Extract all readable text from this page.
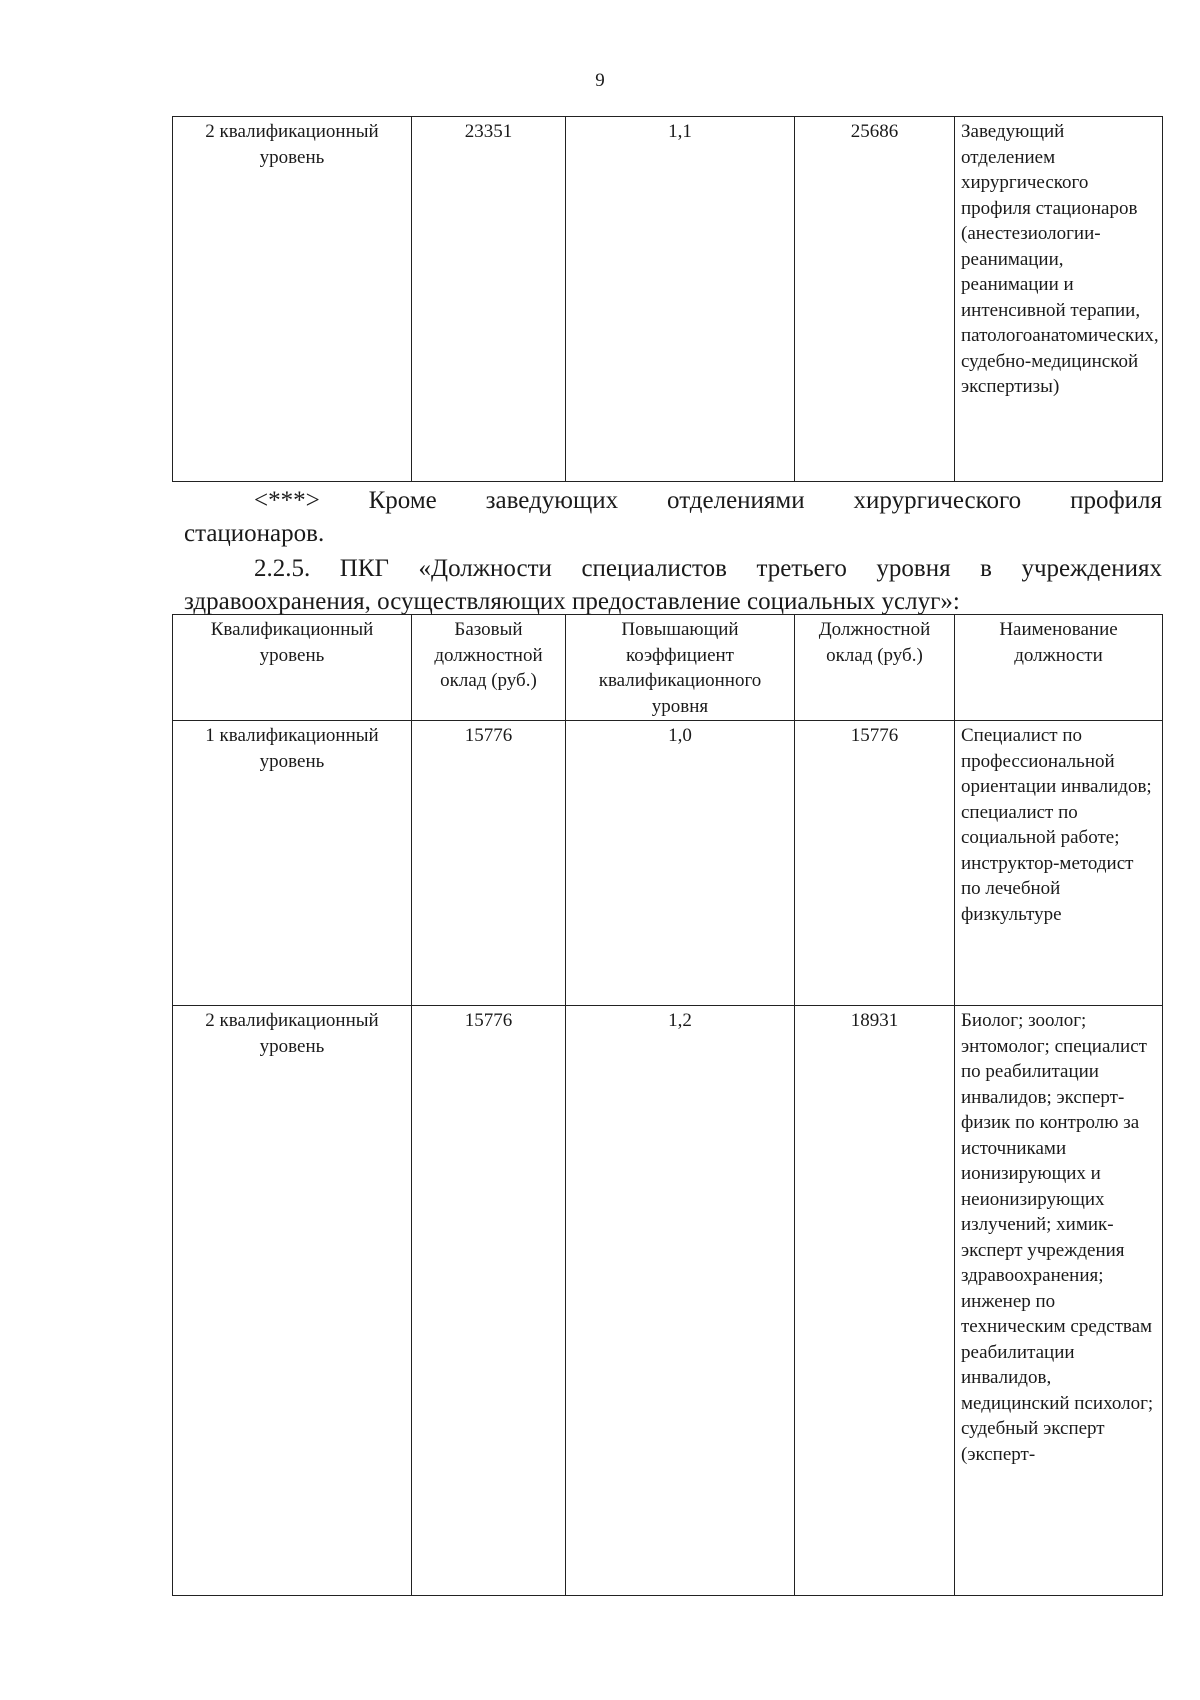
9
2 квалификационный уровень	23351	1,1	25686	Заведующий отделением хирургического профиля стационаров (анестезиологии-реанимации, реанимации и интенсивной терапии, патологоанатомических, судебно-медицинской экспертизы)
<***> Кроме заведующих отделениями хирургического профиля
стационаров.
2.2.5. ПКГ «Должности специалистов третьего уровня в учреждениях
здравоохранения, осуществляющих предоставление социальных услуг»:
Квалификационный уровень	Базовый должностной оклад (руб.)	Повышающий коэффициент квалификационного уровня	Должностной оклад (руб.)	Наименование должности
1 квалификационный уровень	15776	1,0	15776	Специалист по профессиональной ориентации инвалидов; специалист по социальной работе; инструктор-методист по лечебной физкультуре
2 квалификационный уровень	15776	1,2	18931	Биолог; зоолог; энтомолог; специалист по реабилитации инвалидов; эксперт-физик по контролю за источниками ионизирующих и неионизирующих излучений; химик-эксперт учреждения здравоохранения; инженер по техническим средствам реабилитации инвалидов, медицинский психолог; судебный эксперт (эксперт-
